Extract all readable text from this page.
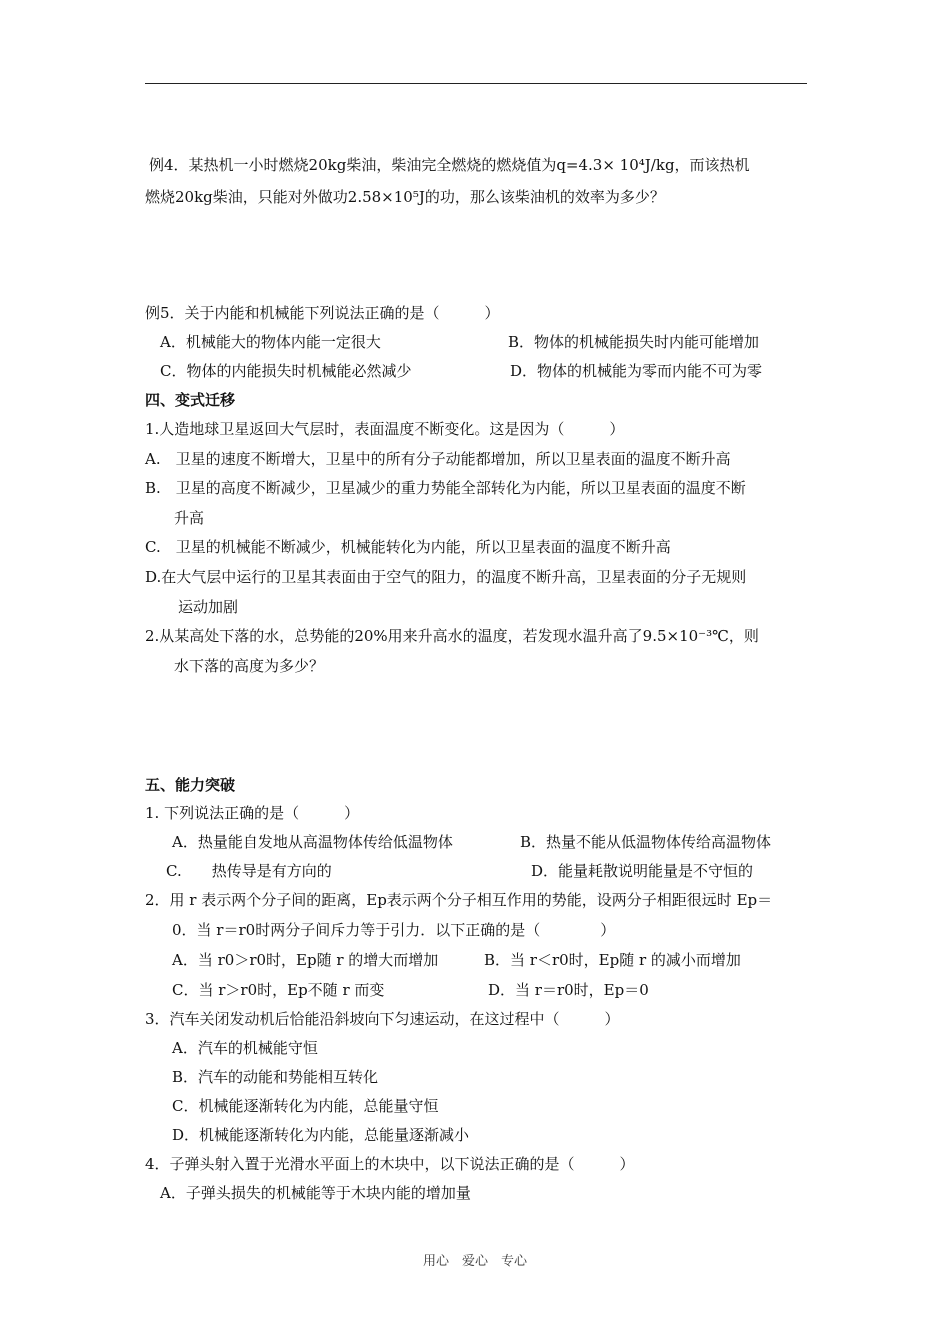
例4．某热机一小时燃烧20kg柴油，柴油完全燃烧的燃烧值为q=4.3× 10⁴J/kg，而该热机
燃烧20kg柴油，只能对外做功2.58×10⁵J的功，那么该柴油机的效率为多少？
例5．关于内能和机械能下列说法正确的是（　　　）
A．机械能大的物体内能一定很大	B．物体的机械能损失时内能可能增加
C．物体的内能损失时机械能必然减少	D．物体的机械能为零而内能不可为零
四、变式迁移
1.人造地球卫星返回大气层时，表面温度不断变化。这是因为（　　　）
A.　卫星的速度不断增大，卫星中的所有分子动能都增加，所以卫星表面的温度不断升高
B.　卫星的高度不断减少，卫星减少的重力势能全部转化为内能，所以卫星表面的温度不断
升高
C.　卫星的机械能不断减少，机械能转化为内能，所以卫星表面的温度不断升高
D.在大气层中运行的卫星其表面由于空气的阻力，的温度不断升高，卫星表面的分子无规则
运动加剧
2.从某高处下落的水，总势能的20%用来升高水的温度，若发现水温升高了9.5×10⁻³℃，则
水下落的高度为多少？
五、能力突破
1. 下列说法正确的是（　　　）
A．热量能自发地从高温物体传给低温物体	B．热量不能从低温物体传给高温物体
C.　　热传导是有方向的	D．能量耗散说明能量是不守恒的
2．用 r 表示两个分子间的距离，Ep表示两个分子相互作用的势能，设两分子相距很远时 Ep＝
0．当 r＝r0时两分子间斥力等于引力．以下正确的是（　　　　）
A．当 r0＞r0时，Ep随 r 的增大而增加	B．当 r＜r0时，Ep随 r 的减小而增加
C．当 r＞r0时，Ep不随 r 而变	D．当 r＝r0时，Ep＝0
3．汽车关闭发动机后恰能沿斜坡向下匀速运动，在这过程中（　　　）
A．汽车的机械能守恒
B．汽车的动能和势能相互转化
C．机械能逐渐转化为内能，总能量守恒
D．机械能逐渐转化为内能，总能量逐渐减小
4．子弹头射入置于光滑水平面上的木块中，以下说法正确的是（　　　）
A．子弹头损失的机械能等于木块内能的增加量
用心　爱心　专心
